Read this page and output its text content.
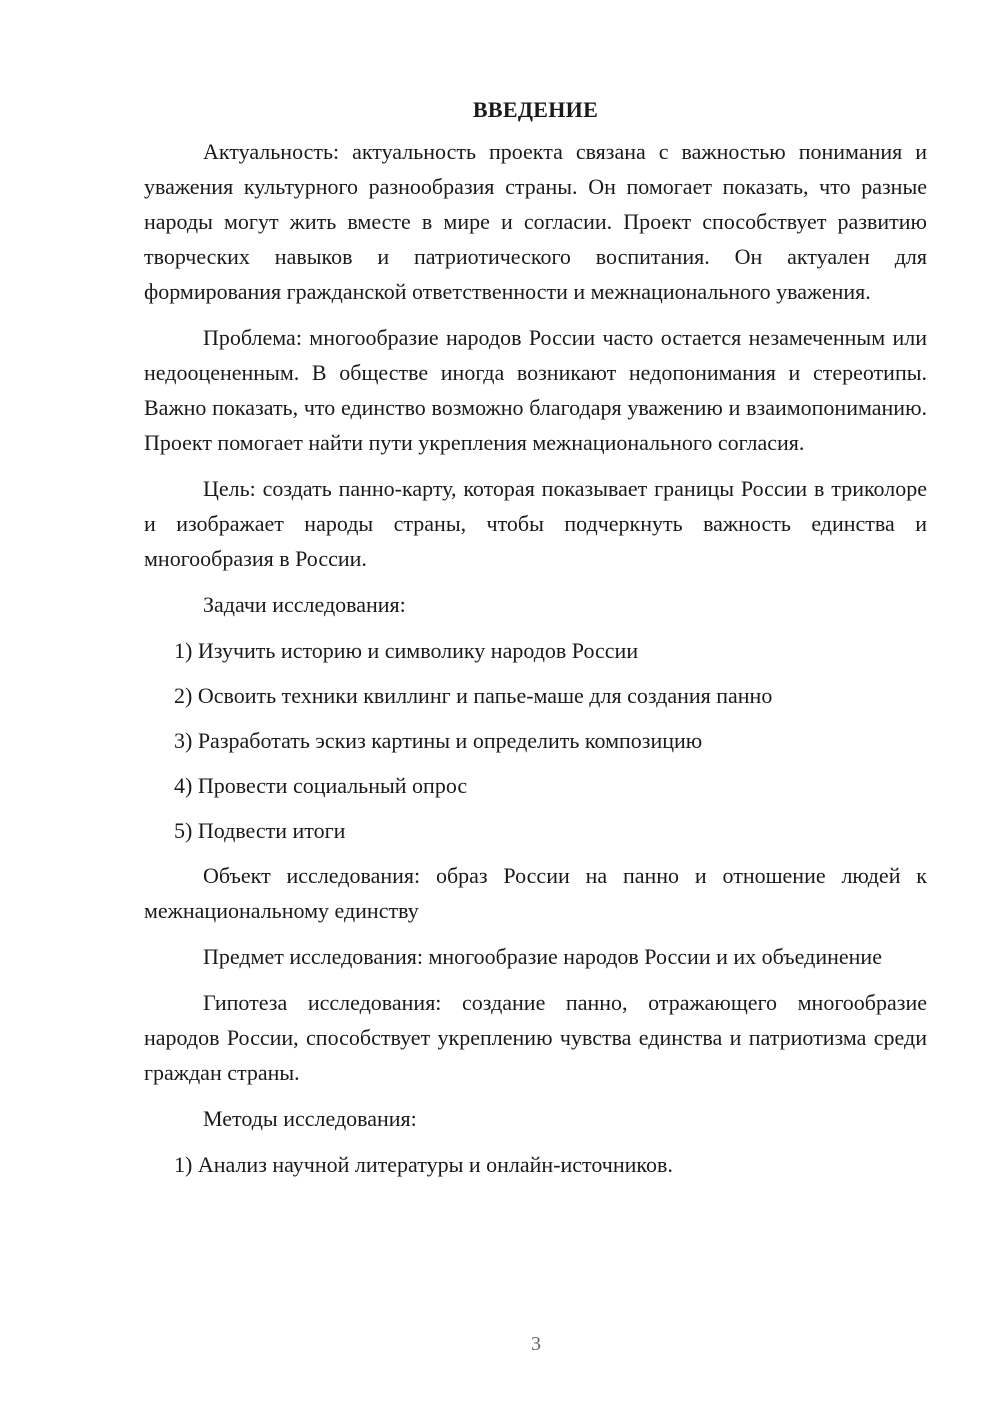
ВВЕДЕНИЕ

Актуальность: актуальность проекта связана с важностью понимания и уважения культурного разнообразия страны. Он помогает показать, что разные народы могут жить вместе в мире и согласии. Проект способствует развитию творческих навыков и патриотического воспитания. Он актуален для формирования гражданской ответственности и межнационального уважения.

Проблема: многообразие народов России часто остается незамеченным или недооцененным. В обществе иногда возникают недопонимания и стереотипы. Важно показать, что единство возможно благодаря уважению и взаимопониманию. Проект помогает найти пути укрепления межнационального согласия.

Цель: создать панно-карту, которая показывает границы России в триколоре и изображает народы страны, чтобы подчеркнуть важность единства и многообразия в России.

Задачи исследования:

1) Изучить историю и символику народов России

2) Освоить техники квиллинг и папье-маше для создания панно

3) Разработать эскиз картины и определить композицию

4) Провести социальный опрос

5) Подвести итоги

Объект исследования: образ России на панно и отношение людей к межнациональному единству

Предмет исследования: многообразие народов России и их объединение

Гипотеза исследования: создание панно, отражающего многообразие народов России, способствует укреплению чувства единства и патриотизма среди граждан страны.

Методы исследования:

1) Анализ научной литературы и онлайн-источников.

3
